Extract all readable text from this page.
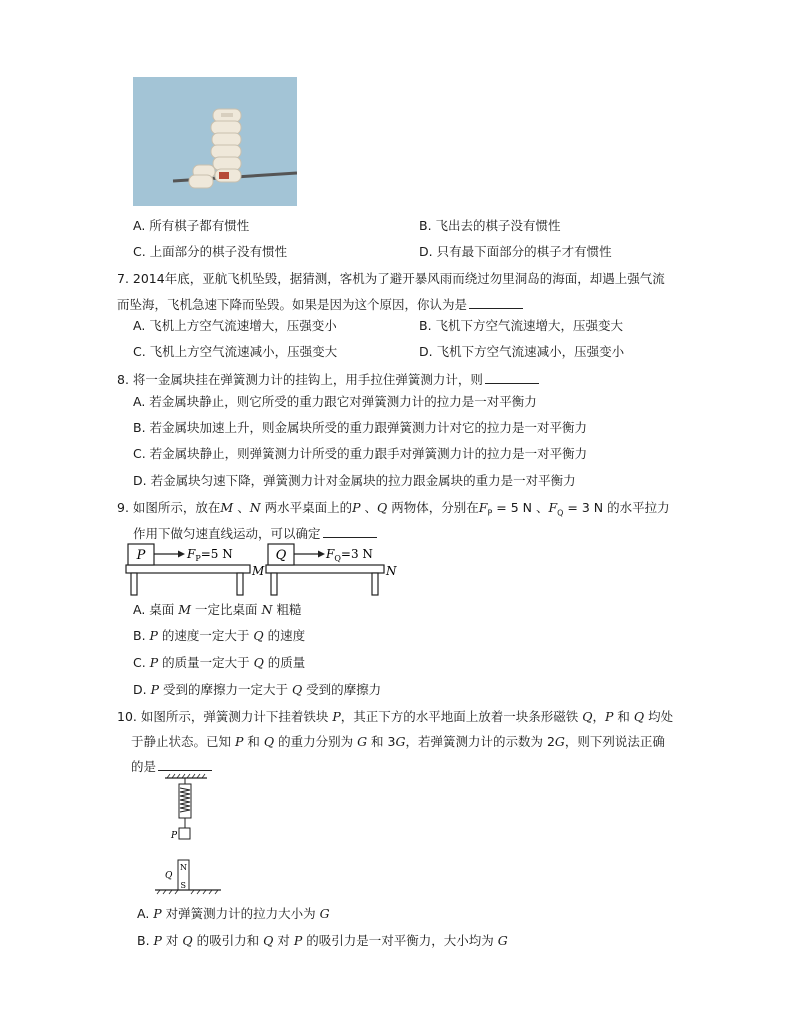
A. 所有棋子都有惯性	B. 飞出去的棋子没有惯性
C. 上面部分的棋子没有惯性	D. 只有最下面部分的棋子才有惯性
7. 2014年底，亚航飞机坠毁，据猜测，客机为了避开暴风雨而绕过勿里洞岛的海面，却遇上强气流
而坠海，飞机急速下降而坠毁。如果是因为这个原因，你认为是
A. 飞机上方空气流速增大，压强变小	B. 飞机下方空气流速增大，压强变大
C. 飞机上方空气流速减小，压强变大	D. 飞机下方空气流速减小，压强变小
8. 将一金属块挂在弹簧测力计的挂钩上，用手拉住弹簧测力计，则
A. 若金属块静止，则它所受的重力跟它对弹簧测力计的拉力是一对平衡力
B. 若金属块加速上升，则金属块所受的重力跟弹簧测力计对它的拉力是一对平衡力
C. 若金属块静止，则弹簧测力计所受的重力跟手对弹簧测力计的拉力是一对平衡力
D. 若金属块匀速下降，弹簧测力计对金属块的拉力跟金属块的重力是一对平衡力
9. 如图所示，放在M 、N 两水平桌面上的P 、Q 两物体，分别在$F_P = 5$ N 、$F_Q = 3$ N 的水平拉力
作用下做匀速直线运动，可以确定
P	$F_P=5$ N
M
Q	$F_Q=3$ N
N
A. 桌面 M 一定比桌面 N 粗糙
B. P 的速度一定大于 Q 的速度
C. P 的质量一定大于 Q 的质量
D. P 受到的摩擦力一定大于 Q 受到的摩擦力
10. 如图所示，弹簧测力计下挂着铁块 P，其正下方的水平地面上放着一块条形磁铁 Q，P 和 Q 均处
于静止状态。已知 P 和 Q 的重力分别为 G 和 3G，若弹簧测力计的示数为 2G，则下列说法正确
的是
P
N
S
Q
A. P 对弹簧测力计的拉力大小为 G
B. P 对 Q 的吸引力和 Q 对 P 的吸引力是一对平衡力，大小均为 G
